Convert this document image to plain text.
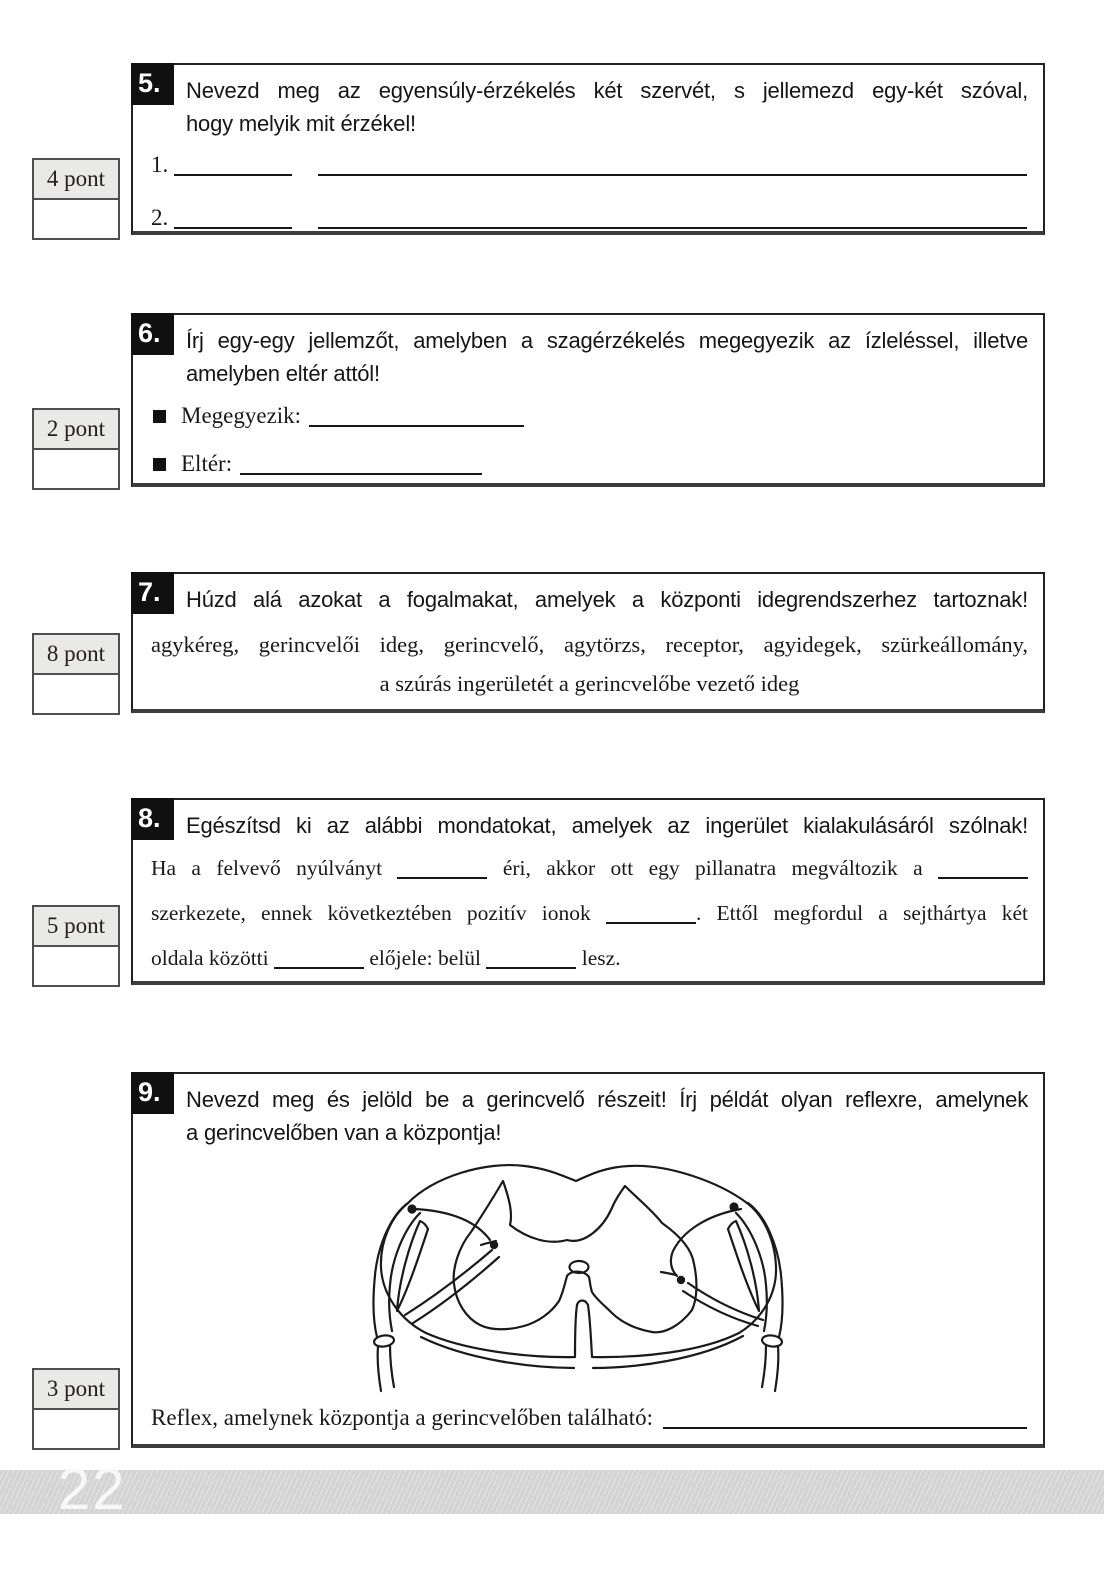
5.	Nevezd meg az egyensúly-érzékelés két szervét, s jellemezd egy-két szóval,
hogy melyik mit érzékel!
1.
2.
4 pont
6.	Írj egy-egy jellemzőt, amelyben a szagérzékelés megegyezik az ízleléssel, illetve
amelyben eltér attól!
Megegyezik:
Eltér:
2 pont
7.	Húzd alá azokat a fogalmakat, amelyek a központi idegrendszerhez tartoznak!
agykéreg, gerincvelői ideg, gerincvelő, agytörzs, receptor, agyidegek, szürkeállomány,
a szúrás ingerületét a gerincvelőbe vezető ideg
8 pont
8.	Egészítsd ki az alábbi mondatokat, amelyek az ingerület kialakulásáról szólnak!
Ha a felvevő nyúlványt	éri, akkor ott egy pillanatra megváltozik a
szerkezete, ennek következtében pozitív ionok	. Ettől megfordul a sejthártya két
oldala közötti	előjele: belül	lesz.
5 pont
9.	Nevezd meg és jelöld be a gerincvelő részeit! Írj példát olyan reflexre, amelynek
a gerincvelőben van a központja!
Reflex, amelynek központja a gerincvelőben található:
3 pont
22
